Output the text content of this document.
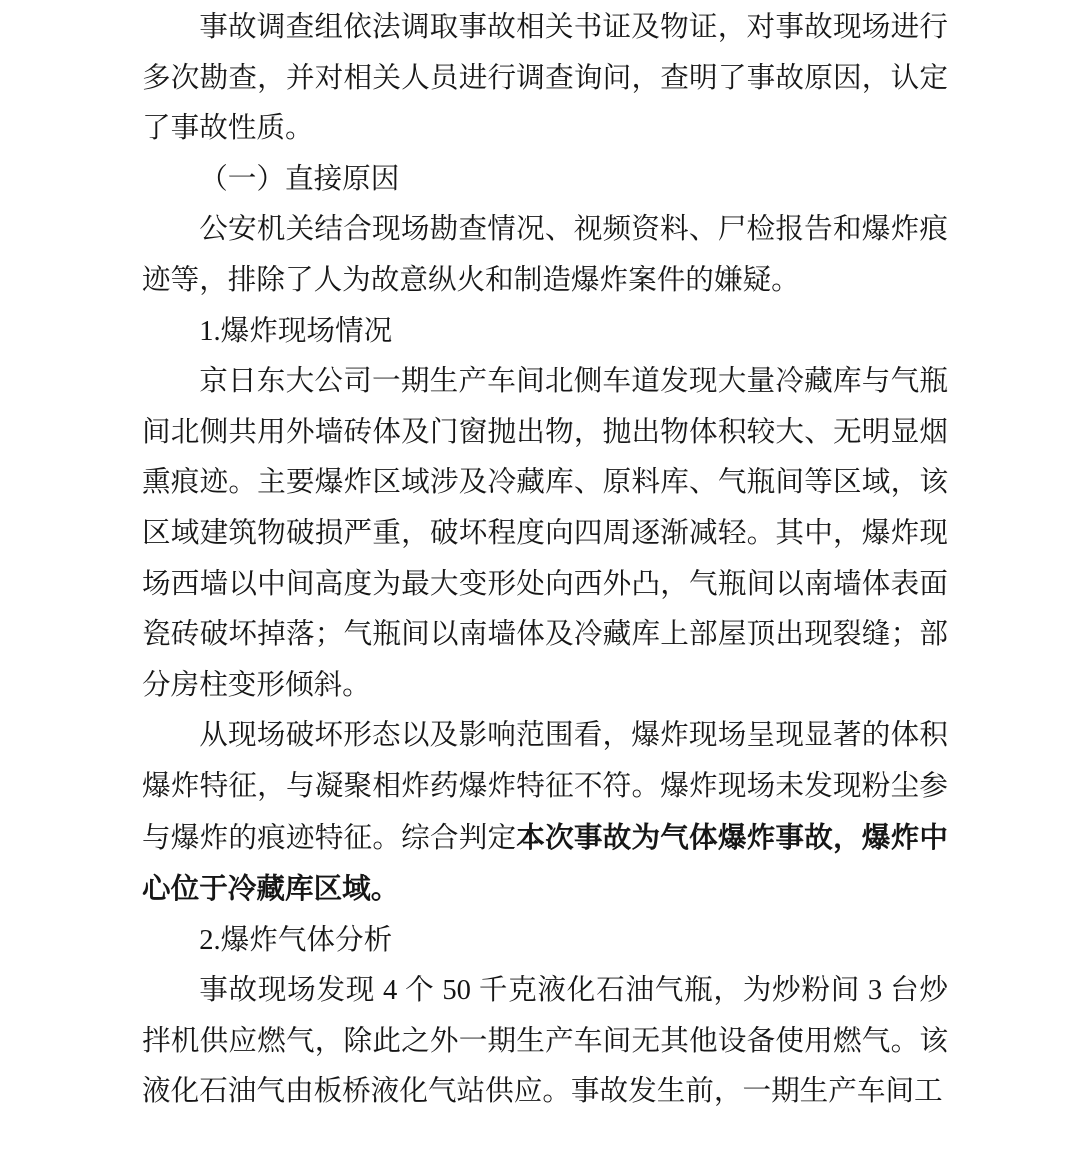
事故调查组依法调取事故相关书证及物证，对事故现场进行多次勘查，并对相关人员进行调查询问，查明了事故原因，认定了事故性质。

（一）直接原因

公安机关结合现场勘查情况、视频资料、尸检报告和爆炸痕迹等，排除了人为故意纵火和制造爆炸案件的嫌疑。

1.爆炸现场情况

京日东大公司一期生产车间北侧车道发现大量冷藏库与气瓶间北侧共用外墙砖体及门窗抛出物，抛出物体积较大、无明显烟熏痕迹。主要爆炸区域涉及冷藏库、原料库、气瓶间等区域，该区域建筑物破损严重，破坏程度向四周逐渐减轻。其中，爆炸现场西墙以中间高度为最大变形处向西外凸，气瓶间以南墙体表面瓷砖破坏掉落；气瓶间以南墙体及冷藏库上部屋顶出现裂缝；部分房柱变形倾斜。

从现场破坏形态以及影响范围看，爆炸现场呈现显著的体积爆炸特征，与凝聚相炸药爆炸特征不符。爆炸现场未发现粉尘参与爆炸的痕迹特征。综合判定本次事故为气体爆炸事故，爆炸中心位于冷藏库区域。

2.爆炸气体分析

事故现场发现 4 个 50 千克液化石油气瓶，为炒粉间 3 台炒拌机供应燃气，除此之外一期生产车间无其他设备使用燃气。该液化石油气由板桥液化气站供应。事故发生前，一期生产车间工
